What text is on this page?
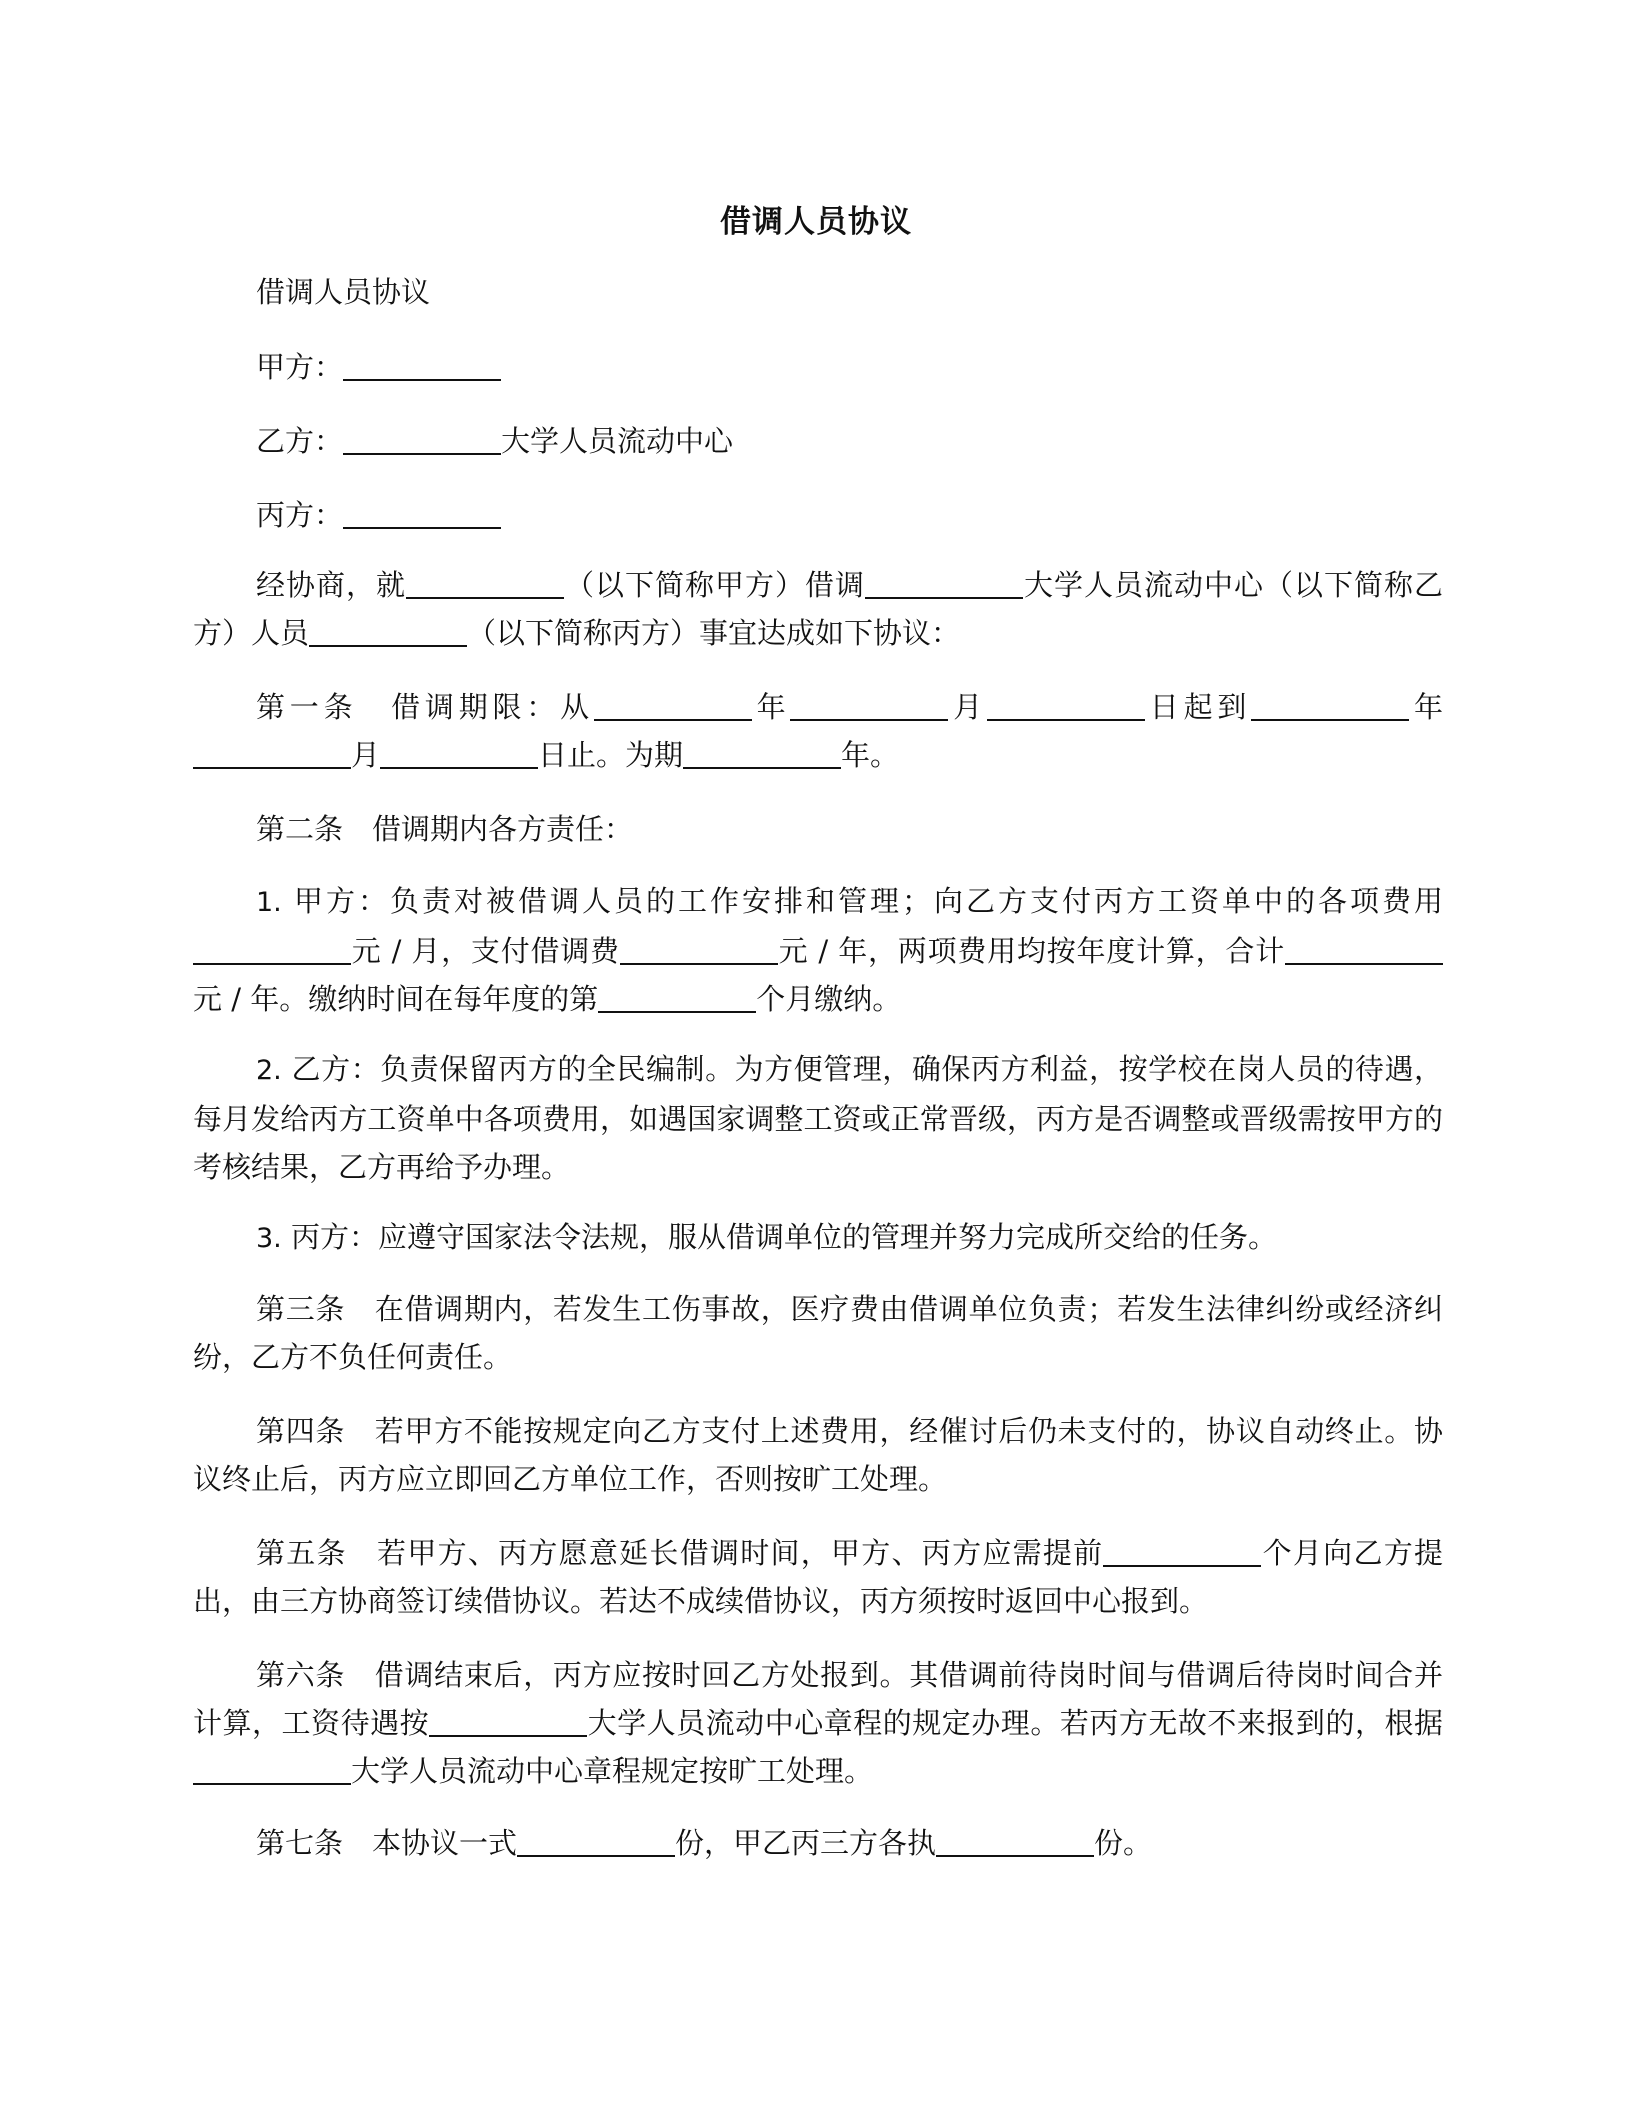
借调人员协议
借调人员协议
甲方：
乙方：	大学人员流动中心
丙方：
经协商，就	（以下简称甲方）借调	大学人员流动中心（以下简称乙方）人员	（以下简称丙方）事宜达成如下协议：
第一条　借调期限：从	年	月	日起到	年月	日止。为期	年。
第二条　借调期内各方责任：
1. 甲方：负责对被借调人员的工作安排和管理；向乙方支付丙方工资单中的各项费用元 / 月，支付借调费	元 / 年，两项费用均按年度计算，合计元 / 年。缴纳时间在每年度的第	个月缴纳。
2. 乙方：负责保留丙方的全民编制。为方便管理，确保丙方利益，按学校在岗人员的待遇，每月发给丙方工资单中各项费用，如遇国家调整工资或正常晋级，丙方是否调整或晋级需按甲方的考核结果，乙方再给予办理。
3. 丙方：应遵守国家法令法规，服从借调单位的管理并努力完成所交给的任务。
第三条　在借调期内，若发生工伤事故，医疗费由借调单位负责；若发生法律纠纷或经济纠纷，乙方不负任何责任。
第四条　若甲方不能按规定向乙方支付上述费用，经催讨后仍未支付的，协议自动终止。协议终止后，丙方应立即回乙方单位工作，否则按旷工处理。
第五条　若甲方、丙方愿意延长借调时间，甲方、丙方应需提前	个月向乙方提出，由三方协商签订续借协议。若达不成续借协议，丙方须按时返回中心报到。
第六条　借调结束后，丙方应按时回乙方处报到。其借调前待岗时间与借调后待岗时间合并计算，工资待遇按	大学人员流动中心章程的规定办理。若丙方无故不来报到的，根据大学人员流动中心章程规定按旷工处理。
第七条　本协议一式	份，甲乙丙三方各执	份。
